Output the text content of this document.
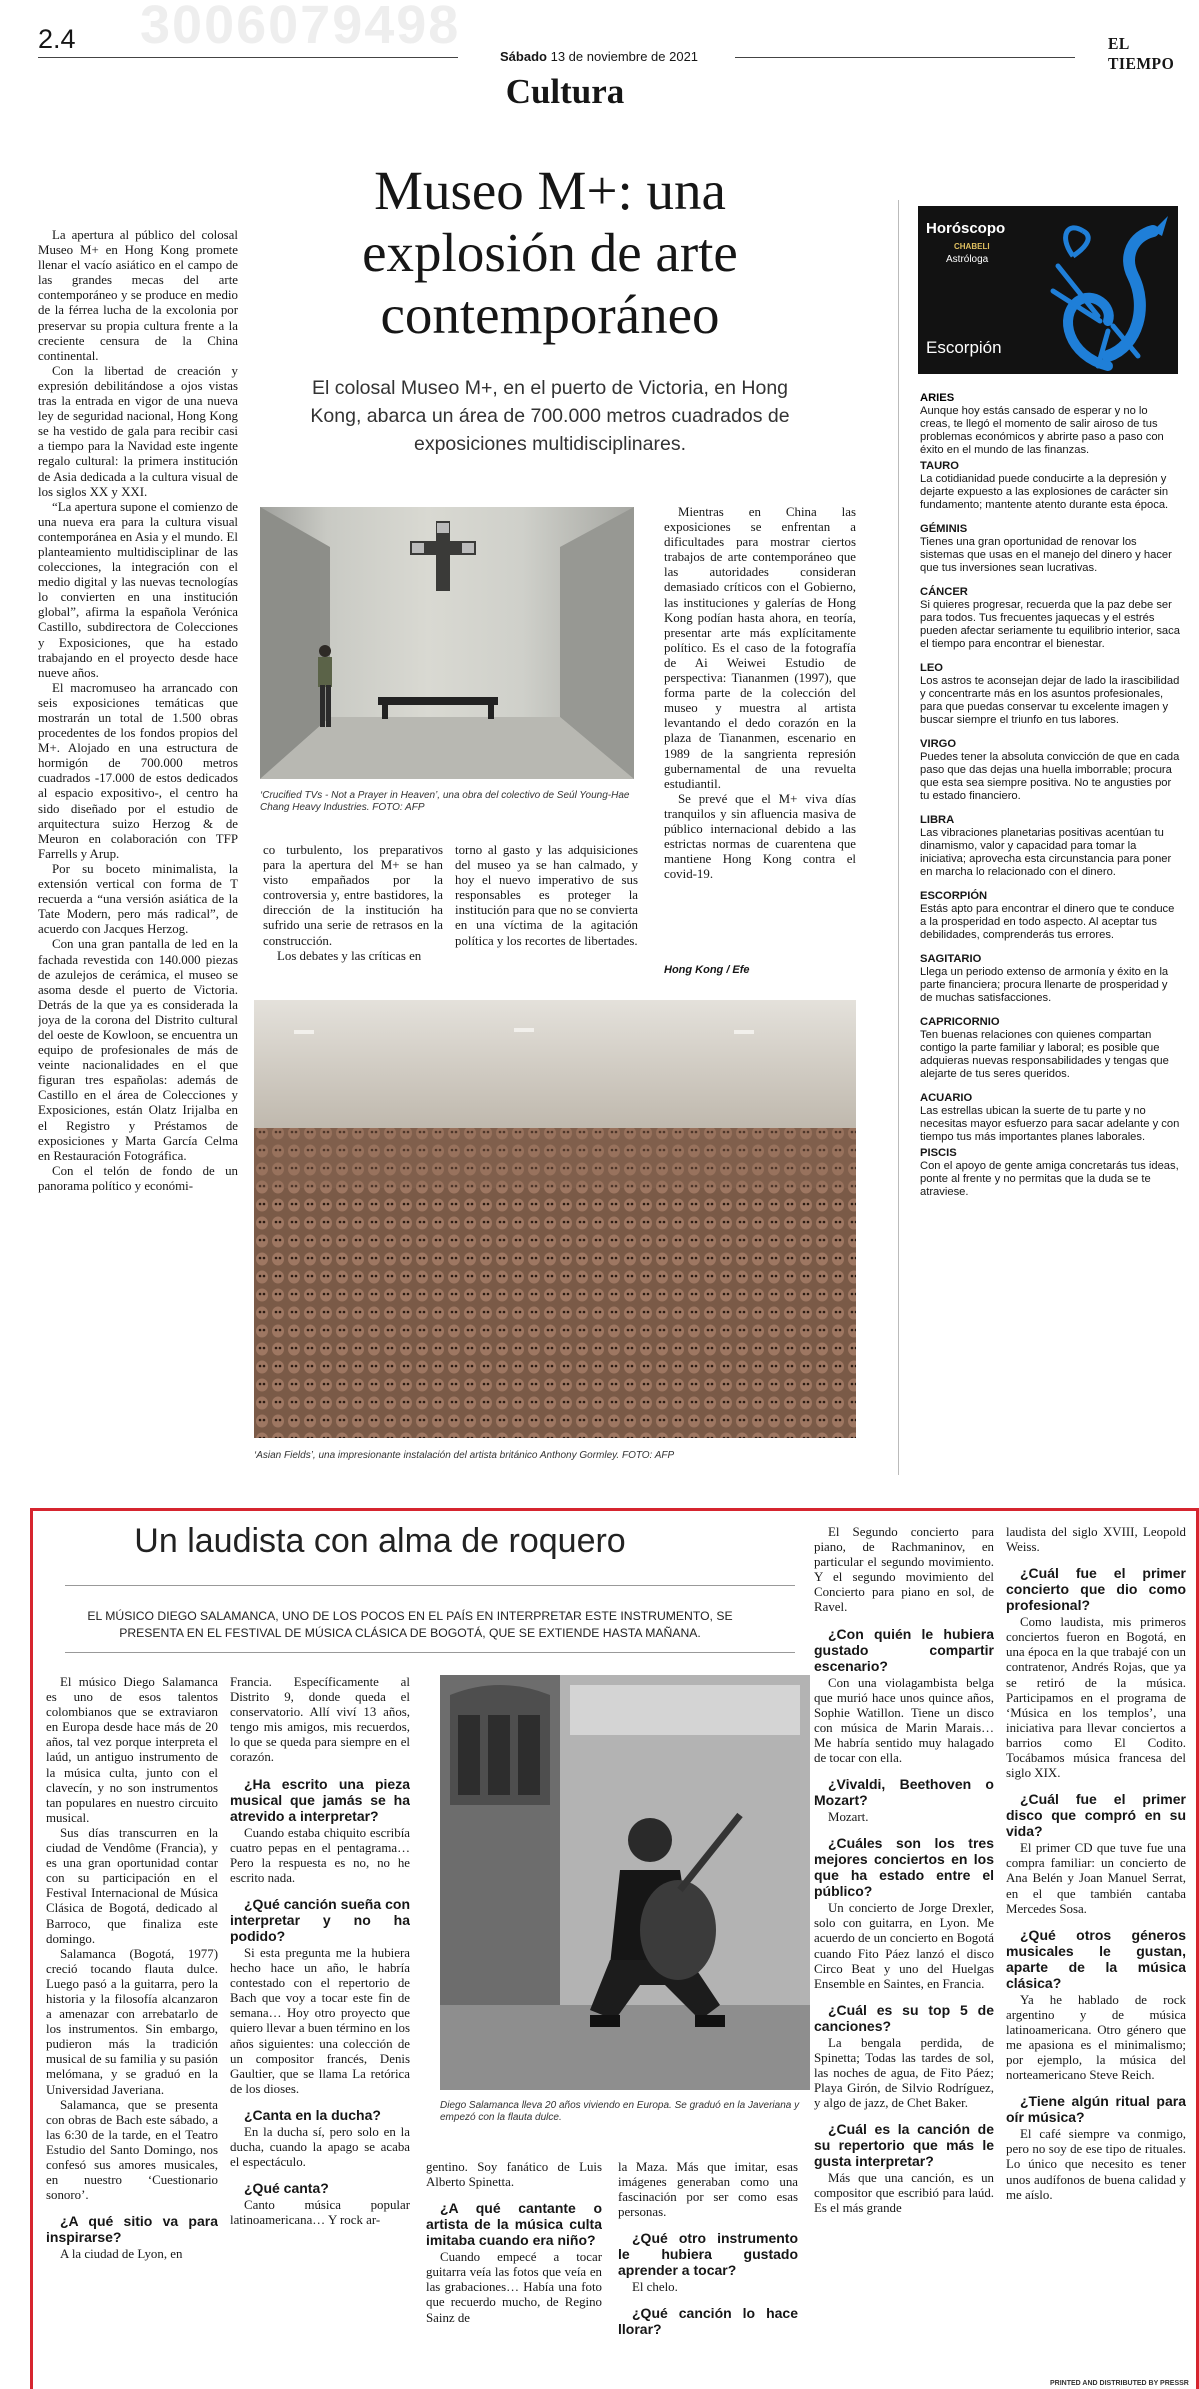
3006079498
2.4
Sábado 13 de noviembre de 2021
EL TIEMPO
Cultura
Museo M+: una
explosión de arte
contemporáneo
El colosal Museo M+, en el puerto de Victoria, en Hong Kong, abarca un área de 700.000 metros cuadrados de exposiciones multidisciplinares.

La apertura al público del colosal Museo M+ en Hong Kong promete llenar el vacío asiático en el campo de las grandes mecas del arte contemporáneo y se produce en medio de la férrea lucha de la excolonia por preservar su propia cultura frente a la creciente censura de la China continental.

Con la libertad de creación y expresión debilitándose a ojos vistas tras la entrada en vigor de una nueva ley de seguridad nacional, Hong Kong se ha vestido de gala para recibir casi a tiempo para la Navidad este ingente regalo cultural: la primera institución de Asia dedicada a la cultura visual de los siglos XX y XXI.

“La apertura supone el comienzo de una nueva era para la cultura visual contemporánea en Asia y el mundo. El planteamiento multidisciplinar de las colecciones, la integración con el medio digital y las nuevas tecnologías lo convierten en una institución global”, afirma la española Verónica Castillo, subdirectora de Colecciones y Exposiciones, que ha estado trabajando en el proyecto desde hace nueve años.

El macromuseo ha arrancado con seis exposiciones temáticas que mostrarán un total de 1.500 obras procedentes de los fondos propios del M+. Alojado en una estructura de hormigón de 700.000 metros cuadrados -17.000 de estos dedicados al espacio expositivo-, el centro ha sido diseñado por el estudio de arquitectura suizo Herzog & de Meuron en colaboración con TFP Farrells y Arup.

Por su boceto minimalista, la extensión vertical con forma de T recuerda a “una versión asiática de la Tate Modern, pero más radical”, de acuerdo con Jacques Herzog.

Con una gran pantalla de led en la fachada revestida con 140.000 piezas de azulejos de cerámica, el museo se asoma desde el puerto de Victoria. Detrás de la que ya es considerada la joya de la corona del Distrito cultural del oeste de Kowloon, se encuentra un equipo de profesionales de más de veinte nacionalidades en el que figuran tres españolas: además de Castillo en el área de Colecciones y Exposiciones, están Olatz Irijalba en el Registro y Préstamos de exposiciones y Marta García Celma en Restauración Fotográfica.

Con el telón de fondo de un panorama político y económi-

‘Crucified TVs - Not a Prayer in Heaven’, una obra del colectivo de Seúl Young-Hae Chang Heavy Industries. FOTO: AFP

co turbulento, los preparativos para la apertura del M+ se han visto empañados por la controversia y, entre bastidores, la dirección de la institución ha sufrido una serie de retrasos en la construcción.

Los debates y las críticas en

torno al gasto y las adquisiciones del museo ya se han calmado, y hoy el nuevo imperativo de sus responsables es proteger la institución para que no se convierta en una víctima de la agitación política y los recortes de libertades.

Mientras en China las exposiciones se enfrentan a dificultades para mostrar ciertos trabajos de arte contemporáneo que las autoridades consideran demasiado críticos con el Gobierno, las instituciones y galerías de Hong Kong podían hasta ahora, en teoría, presentar arte más explícitamente político. Es el caso de la fotografía de Ai Weiwei Estudio de perspectiva: Tiananmen (1997), que forma parte de la colección del museo y muestra al artista levantando el dedo corazón en la plaza de Tiananmen, escenario en 1989 de la sangrienta represión gubernamental de una revuelta estudiantil.

Se prevé que el M+ viva días tranquilos y sin afluencia masiva de público internacional debido a las estrictas normas de cuarentena que mantiene Hong Kong contra el covid-19.

Hong Kong / Efe
‘Asian Fields’, una impresionante instalación del artista británico Anthony Gormley. FOTO: AFP
Horóscopo
CHABELI
Astróloga
Escorpión
ARIES
Aunque hoy estás cansado de esperar y no lo creas, te llegó el momento de salir airoso de tus problemas económicos y abrirte paso a paso con éxito en el mundo de las finanzas.
TAURO
La cotidianidad puede conducirte a la depresión y dejarte expuesto a las explosiones de carácter sin fundamento; mantente atento durante esta época.
GÉMINIS
Tienes una gran oportunidad de renovar los sistemas que usas en el manejo del dinero y hacer que tus inversiones sean lucrativas.
CÁNCER
Si quieres progresar, recuerda que la paz debe ser para todos. Tus frecuentes jaquecas y el estrés pueden afectar seriamente tu equilibrio interior, saca el tiempo para encontrar el bienestar.
LEO
Los astros te aconsejan dejar de lado la irascibilidad y concentrarte más en los asuntos profesionales, para que puedas conservar tu excelente imagen y buscar siempre el triunfo en tus labores.
VIRGO
Puedes tener la absoluta convicción de que en cada paso que das dejas una huella imborrable; procura que esta sea siempre positiva. No te angusties por tu estado financiero.
LIBRA
Las vibraciones planetarias positivas acentúan tu dinamismo, valor y capacidad para tomar la iniciativa; aprovecha esta circunstancia para poner en marcha lo relacionado con el dinero.
ESCORPIÓN
Estás apto para encontrar el dinero que te conduce a la prosperidad en todo aspecto. Al aceptar tus debilidades, comprenderás tus errores.
SAGITARIO
Llega un periodo extenso de armonía y éxito en la parte financiera; procura llenarte de prosperidad y de muchas satisfacciones.
CAPRICORNIO
Ten buenas relaciones con quienes compartan contigo la parte familiar y laboral; es posible que adquieras nuevas responsabilidades y tengas que alejarte de tus seres queridos.
ACUARIO
Las estrellas ubican la suerte de tu parte y no necesitas mayor esfuerzo para sacar adelante y con tiempo tus más importantes planes laborales.
PISCIS
Con el apoyo de gente amiga concretarás tus ideas, ponte al frente y no permitas que la duda se te atraviese.
Un laudista con alma de roquero
EL MÚSICO DIEGO SALAMANCA, UNO DE LOS POCOS EN EL PAÍS EN INTERPRETAR ESTE INSTRUMENTO, SE PRESENTA EN EL FESTIVAL DE MÚSICA CLÁSICA DE BOGOTÁ, QUE SE EXTIENDE HASTA MAÑANA.

El músico Diego Salamanca es uno de esos talentos colombianos que se extraviaron en Europa desde hace más de 20 años, tal vez porque interpreta el laúd, un antiguo instrumento de la música culta, junto con el clavecín, y no son instrumentos tan populares en nuestro circuito musical.

Sus días transcurren en la ciudad de Vendôme (Francia), y es una gran oportunidad contar con su participación en el Festival Internacional de Música Clásica de Bogotá, dedicado al Barroco, que finaliza este domingo.

Salamanca (Bogotá, 1977) creció tocando flauta dulce. Luego pasó a la guitarra, pero la historia y la filosofía alcanzaron a amenazar con arrebatarlo de los instrumentos. Sin embargo, pudieron más la tradición musical de su familia y su pasión melómana, y se graduó en la Universidad Javeriana.

Salamanca, que se presenta con obras de Bach este sábado, a las 6:30 de la tarde, en el Teatro Estudio del Santo Domingo, nos confesó sus amores musicales, en nuestro ‘Cuestionario sonoro’.

¿A qué sitio va para inspirarse?

A la ciudad de Lyon, en

Francia. Específicamente al Distrito 9, donde queda el conservatorio. Allí viví 13 años, tengo mis amigos, mis recuerdos, lo que se queda para siempre en el corazón.

¿Ha escrito una pieza musical que jamás se ha atrevido a interpretar?

Cuando estaba chiquito escribía cuatro pepas en el pentagrama… Pero la respuesta es no, no he escrito nada.

¿Qué canción sueña con interpretar y no ha podido?

Si esta pregunta me la hubiera hecho hace un año, le habría contestado con el repertorio de Bach que voy a tocar este fin de semana… Hoy otro proyecto que quiero llevar a buen término en los años siguientes: una colección de un compositor francés, Denis Gaultier, que se llama La retórica de los dioses.

¿Canta en la ducha?

En la ducha sí, pero solo en la ducha, cuando la apago se acaba el espectáculo.

¿Qué canta?

Canto música popular latinoamericana… Y rock ar-

Diego Salamanca lleva 20 años viviendo en Europa. Se graduó en la Javeriana y empezó con la flauta dulce.

gentino. Soy fanático de Luis Alberto Spinetta.

¿A qué cantante o artista de la música culta imitaba cuando era niño?

Cuando empecé a tocar guitarra veía las fotos que veía en las grabaciones… Había una foto que recuerdo mucho, de Regino Sainz de

la Maza. Más que imitar, esas imágenes generaban como una fascinación por ser como esas personas.

¿Qué otro instrumento le hubiera gustado aprender a tocar?

El chelo.

¿Qué canción lo hace llorar?

El Segundo concierto para piano, de Rachmaninov, en particular el segundo movimiento. Y el segundo movimiento del Concierto para piano en sol, de Ravel.

¿Con quién le hubiera gustado compartir escenario?

Con una violagambista belga que murió hace unos quince años, Sophie Watillon. Tiene un disco con música de Marin Marais… Me habría sentido muy halagado de tocar con ella.

¿Vivaldi, Beethoven o Mozart?

Mozart.

¿Cuáles son los tres mejores conciertos en los que ha estado entre el público?

Un concierto de Jorge Drexler, solo con guitarra, en Lyon. Me acuerdo de un concierto en Bogotá cuando Fito Páez lanzó el disco Circo Beat y uno del Huelgas Ensemble en Saintes, en Francia.

¿Cuál es su top 5 de canciones?

La bengala perdida, de Spinetta; Todas las tardes de sol, las noches de agua, de Fito Páez; Playa Girón, de Silvio Rodríguez, y algo de jazz, de Chet Baker.

¿Cuál es la canción de su repertorio que más le gusta interpretar?

Más que una canción, es un compositor que escribió para laúd. Es el más grande

laudista del siglo XVIII, Leopold Weiss.

¿Cuál fue el primer concierto que dio como profesional?

Como laudista, mis primeros conciertos fueron en Bogotá, en una época en la que trabajé con un contratenor, Andrés Rojas, que ya se retiró de la música. Participamos en el programa de ‘Música en los templos’, una iniciativa para llevar conciertos a barrios como El Codito. Tocábamos música francesa del siglo XIX.

¿Cuál fue el primer disco que compró en su vida?

El primer CD que tuve fue una compra familiar: un concierto de Ana Belén y Joan Manuel Serrat, en el que también cantaba Mercedes Sosa.

¿Qué otros géneros musicales le gustan, aparte de la música clásica?

Ya he hablado de rock argentino y de música latinoamericana. Otro género que me apasiona es el minimalismo; por ejemplo, la música del norteamericano Steve Reich.

¿Tiene algún ritual para oír música?

El café siempre va conmigo, pero no soy de ese tipo de rituales. Lo único que necesito es tener unos audífonos de buena calidad y me aíslo.

PRINTED AND DISTRIBUTED BY PRESSR
